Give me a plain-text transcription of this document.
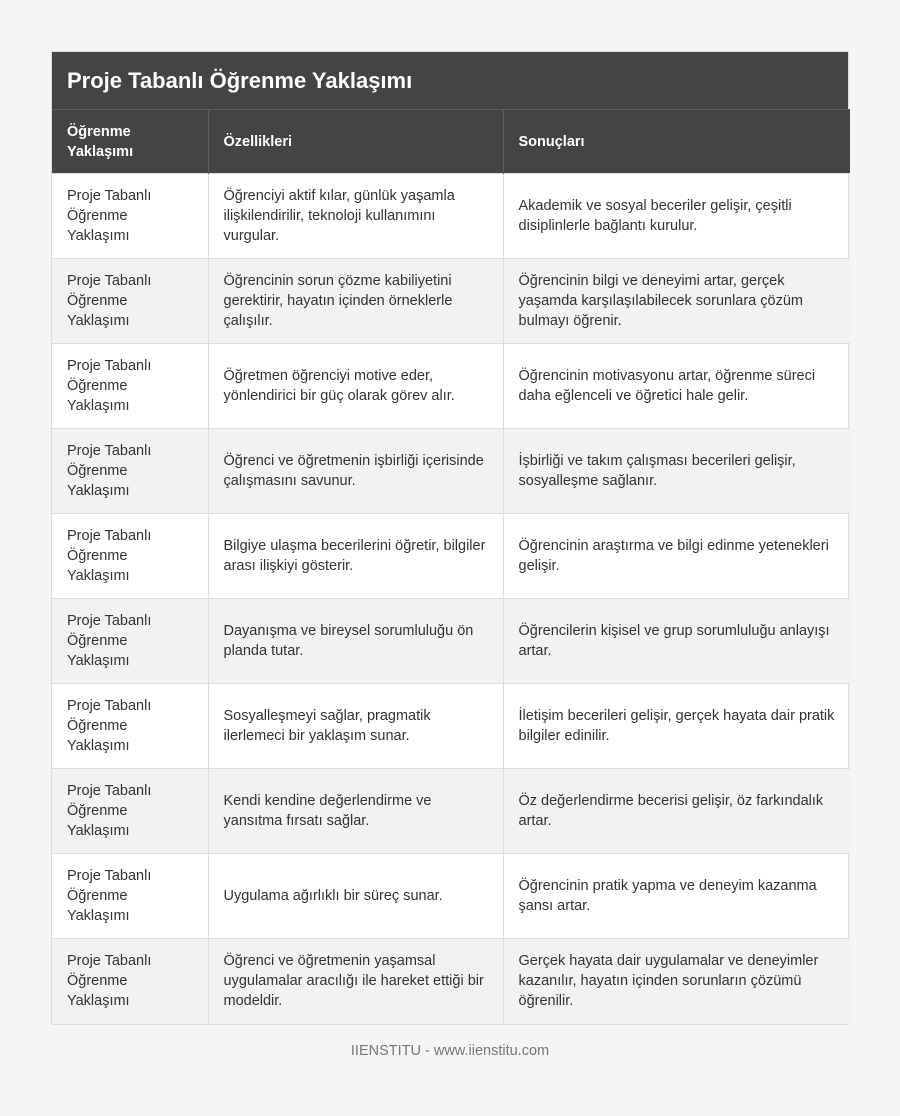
Proje Tabanlı Öğrenme Yaklaşımı
Öğrenme Yaklaşımı	Özellikleri	Sonuçları
Proje Tabanlı Öğrenme Yaklaşımı	Öğrenciyi aktif kılar, günlük yaşamla ilişkilendirilir, teknoloji kullanımını vurgular.	Akademik ve sosyal beceriler gelişir, çeşitli disiplinlerle bağlantı kurulur.
Proje Tabanlı Öğrenme Yaklaşımı	Öğrencinin sorun çözme kabiliyetini gerektirir, hayatın içinden örneklerle çalışılır.	Öğrencinin bilgi ve deneyimi artar, gerçek yaşamda karşılaşılabilecek sorunlara çözüm bulmayı öğrenir.
Proje Tabanlı Öğrenme Yaklaşımı	Öğretmen öğrenciyi motive eder, yönlendirici bir güç olarak görev alır.	Öğrencinin motivasyonu artar, öğrenme süreci daha eğlenceli ve öğretici hale gelir.
Proje Tabanlı Öğrenme Yaklaşımı	Öğrenci ve öğretmenin işbirliği içerisinde çalışmasını savunur.	İşbirliği ve takım çalışması becerileri gelişir, sosyalleşme sağlanır.
Proje Tabanlı Öğrenme Yaklaşımı	Bilgiye ulaşma becerilerini öğretir, bilgiler arası ilişkiyi gösterir.	Öğrencinin araştırma ve bilgi edinme yetenekleri gelişir.
Proje Tabanlı Öğrenme Yaklaşımı	Dayanışma ve bireysel sorumluluğu ön planda tutar.	Öğrencilerin kişisel ve grup sorumluluğu anlayışı artar.
Proje Tabanlı Öğrenme Yaklaşımı	Sosyalleşmeyi sağlar, pragmatik ilerlemeci bir yaklaşım sunar.	İletişim becerileri gelişir, gerçek hayata dair pratik bilgiler edinilir.
Proje Tabanlı Öğrenme Yaklaşımı	Kendi kendine değerlendirme ve yansıtma fırsatı sağlar.	Öz değerlendirme becerisi gelişir, öz farkındalık artar.
Proje Tabanlı Öğrenme Yaklaşımı	Uygulama ağırlıklı bir süreç sunar.	Öğrencinin pratik yapma ve deneyim kazanma şansı artar.
Proje Tabanlı Öğrenme Yaklaşımı	Öğrenci ve öğretmenin yaşamsal uygulamalar aracılığı ile hareket ettiği bir modeldir.	Gerçek hayata dair uygulamalar ve deneyimler kazanılır, hayatın içinden sorunların çözümü öğrenilir.
IIENSTITU - www.iienstitu.com
